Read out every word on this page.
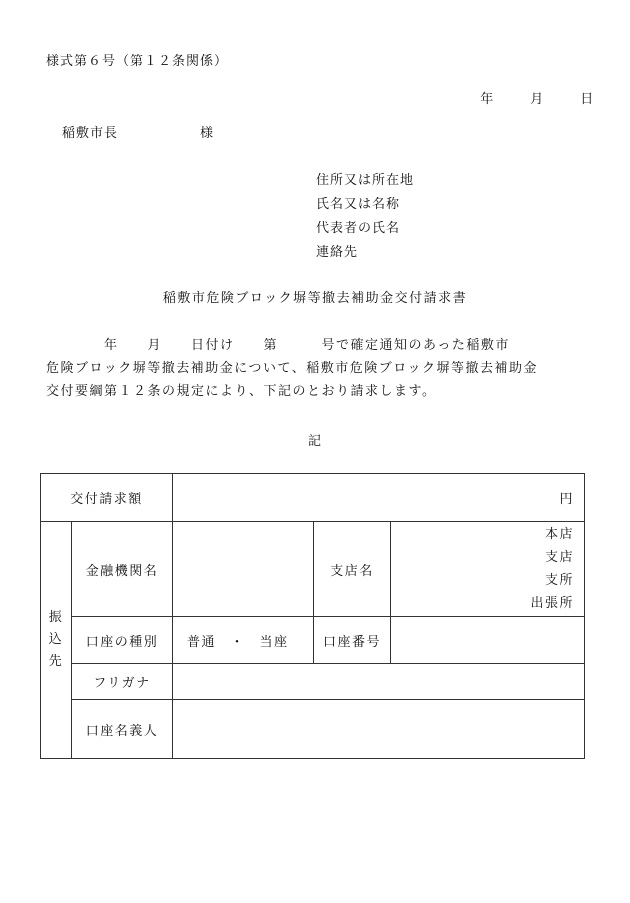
様式第６号（第１２条関係）

年	月	日

稲敷市長	様
住所又は所在地
氏名又は名称
代表者の氏名
連絡先
稲敷市危険ブロック塀等撤去補助金交付請求書
　　　　年　　月　　日付け　　第　　　号で確定通知のあった稲敷市
危険ブロック塀等撤去補助金について、稲敷市危険ブロック塀等撤去補助金
交付要綱第１２条の規定により、下記のとおり請求します。
記
交付請求額		円		

振
込
先	金融機関名		支店名	本店
支店
支所
出張所

	口座の種別	普通　・　当座	口座番号	
	フリガナ			
	口座名義人			
